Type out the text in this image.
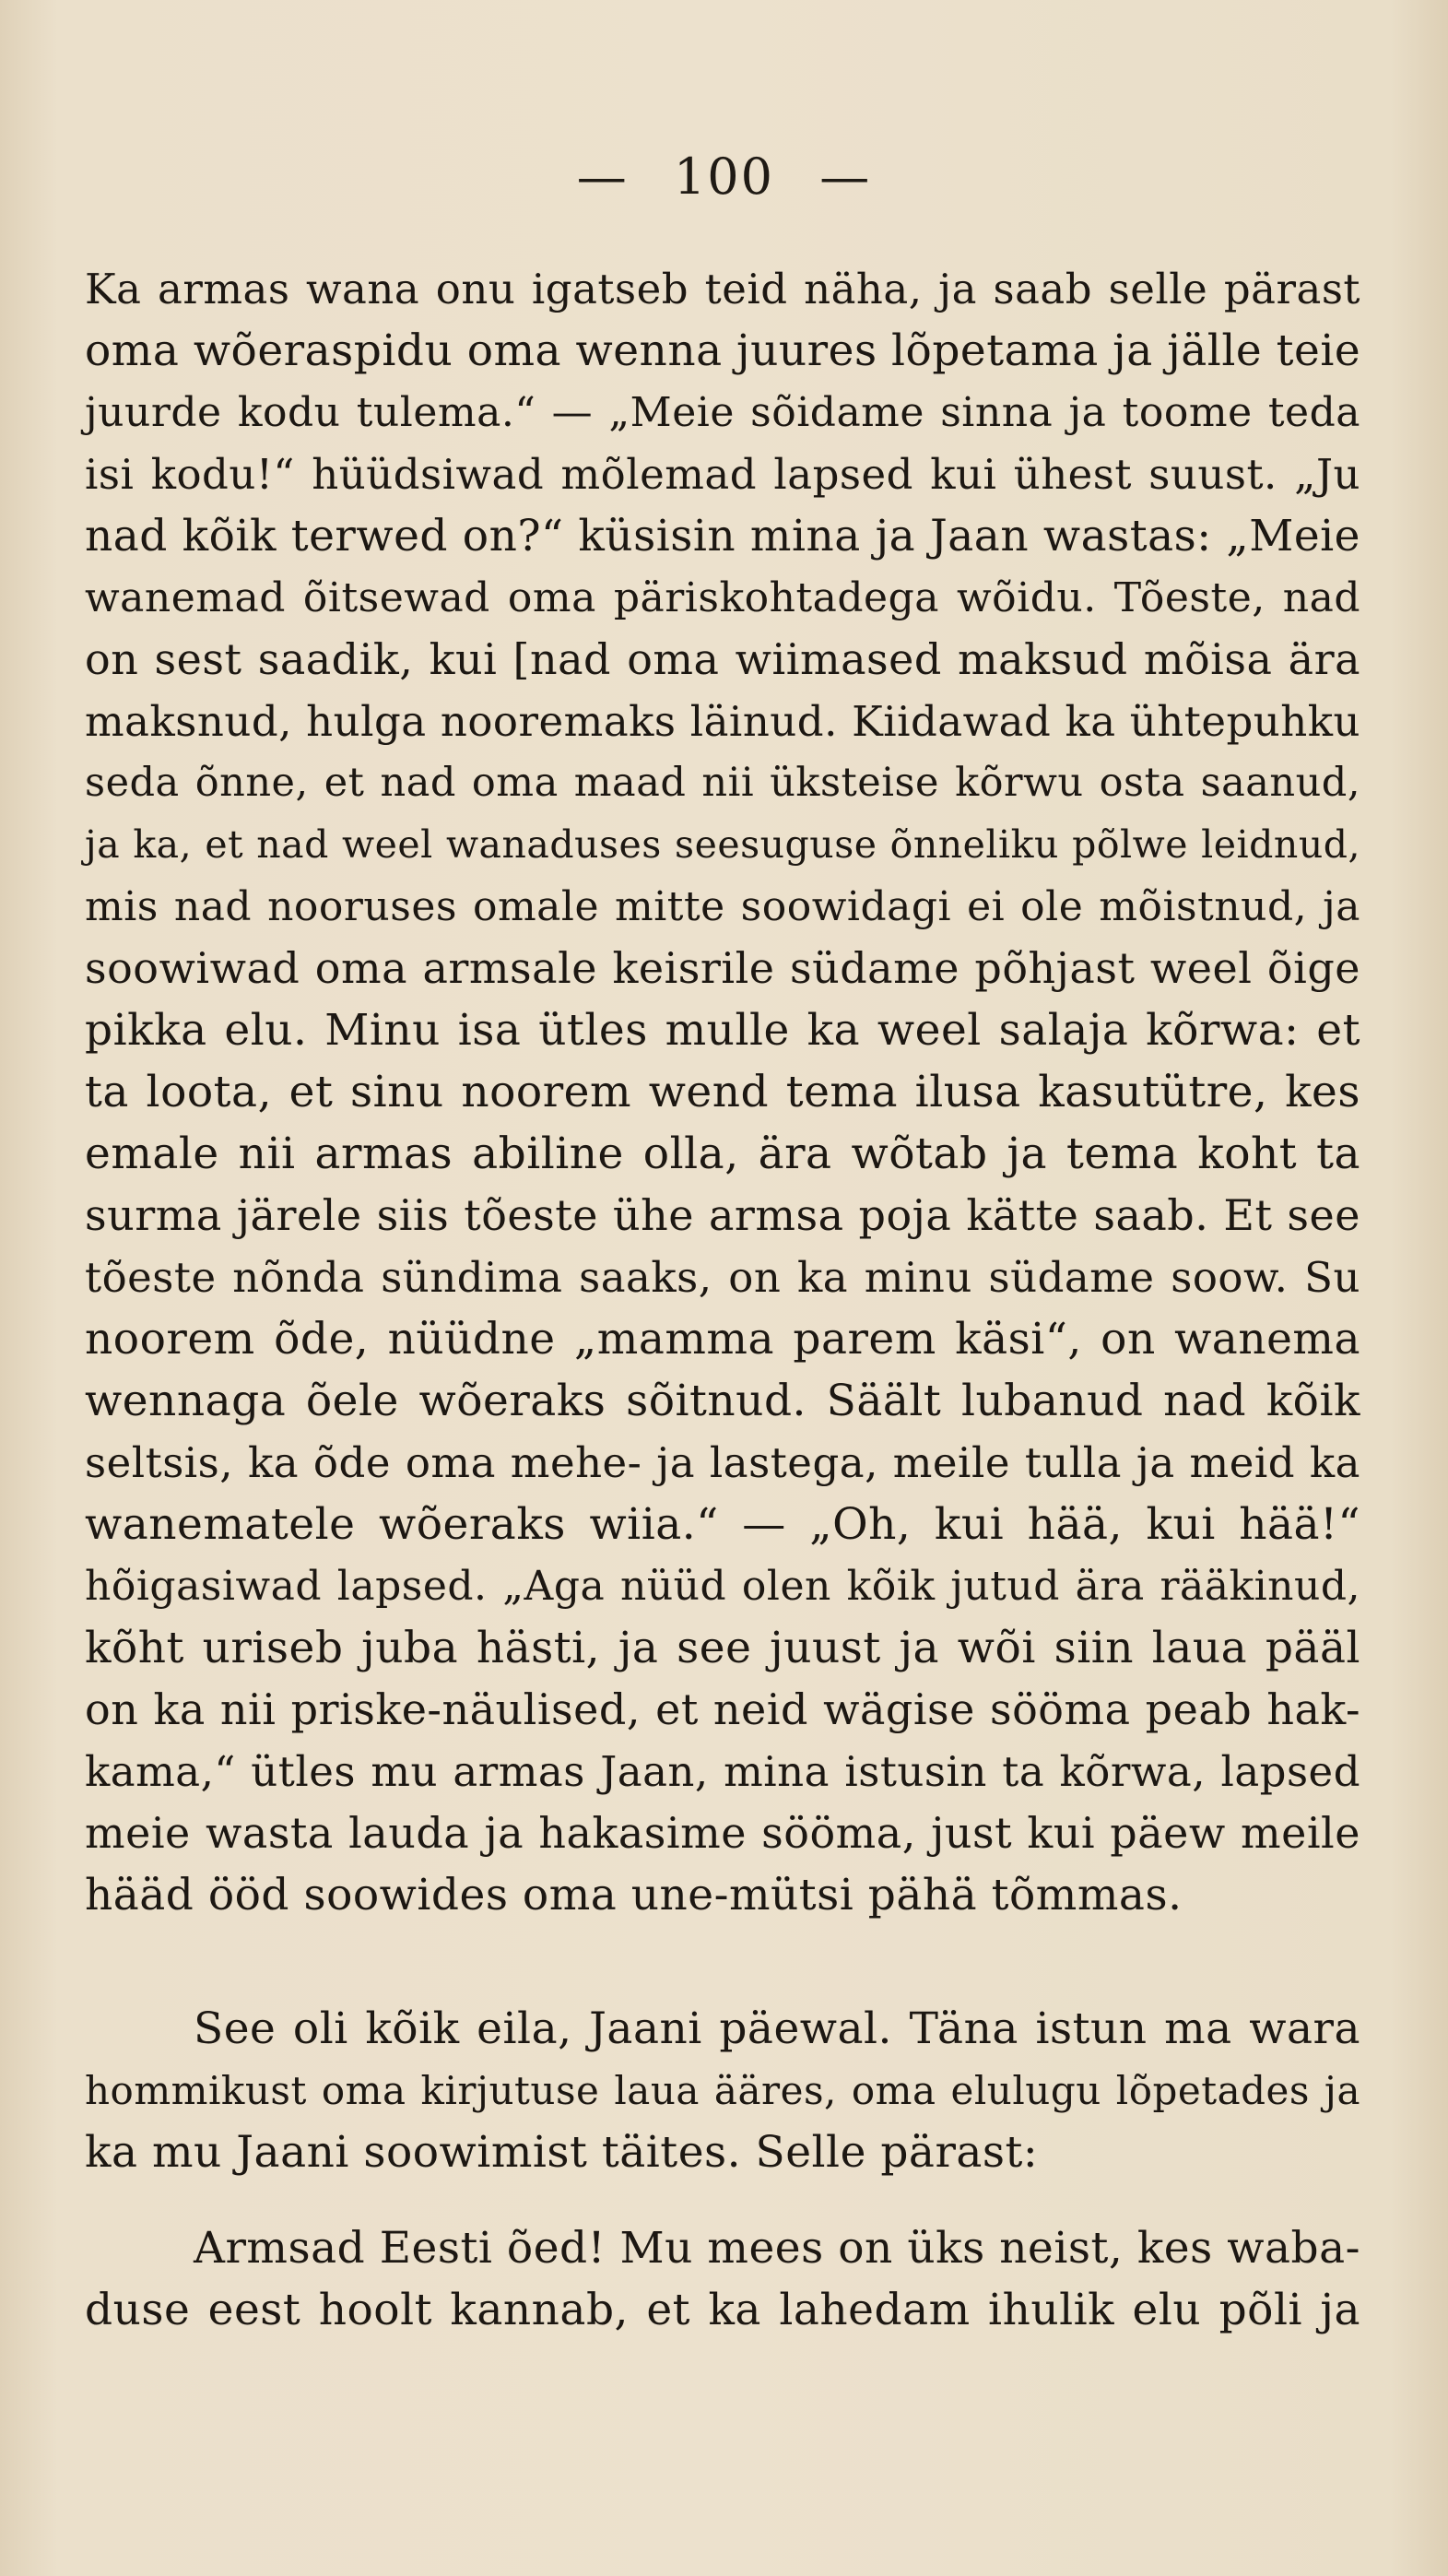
— 100 —
Ka armas wana onu igatseb teid näha, ja saab selle pärast
oma wõeraspidu oma wenna juures lõpetama ja jälle teie
juurde kodu tulema.“ — „Meie sõidame sinna ja toome teda
isi kodu!“ hüüdsiwad mõlemad lapsed kui ühest suust. „Ju
nad kõik terwed on?“ küsisin mina ja Jaan wastas: „Meie
wanemad õitsewad oma päriskohtadega wõidu. Tõeste, nad
on sest saadik, kui [nad oma wiimased maksud mõisa ära
maksnud, hulga nooremaks läinud. Kiidawad ka ühtepuhku
seda õnne, et nad oma maad nii üksteise kõrwu osta saanud,
ja ka, et nad weel wanaduses seesuguse õnneliku põlwe leidnud,
mis nad nooruses omale mitte soowidagi ei ole mõistnud, ja
soowiwad oma armsale keisrile südame põhjast weel õige
pikka elu. Minu isa ütles mulle ka weel salaja kõrwa: et
ta loota, et sinu noorem wend tema ilusa kasutütre, kes
emale nii armas abiline olla, ära wõtab ja tema koht ta
surma järele siis tõeste ühe armsa poja kätte saab. Et see
tõeste nõnda sündima saaks, on ka minu südame soow. Su
noorem õde, nüüdne „mamma parem käsi“, on wanema
wennaga õele wõeraks sõitnud. Säält lubanud nad kõik
seltsis, ka õde oma mehe- ja lastega, meile tulla ja meid ka
wanematele wõeraks wiia.“ — „Oh, kui hää, kui hää!“
hõigasiwad lapsed. „Aga nüüd olen kõik jutud ära rääkinud,
kõht uriseb juba hästi, ja see juust ja wõi siin laua pääl
on ka nii priske-näulised, et neid wägise sööma peab hak-
kama,“ ütles mu armas Jaan, mina istusin ta kõrwa, lapsed
meie wasta lauda ja hakasime sööma, just kui päew meile
hääd ööd soowides oma une-mütsi pähä tõmmas.
See oli kõik eila, Jaani päewal. Täna istun ma wara
hommikust oma kirjutuse laua ääres, oma elulugu lõpetades ja
ka mu Jaani soowimist täites. Selle pärast:
Armsad Eesti õed! Mu mees on üks neist, kes waba-
duse eest hoolt kannab, et ka lahedam ihulik elu põli ja
